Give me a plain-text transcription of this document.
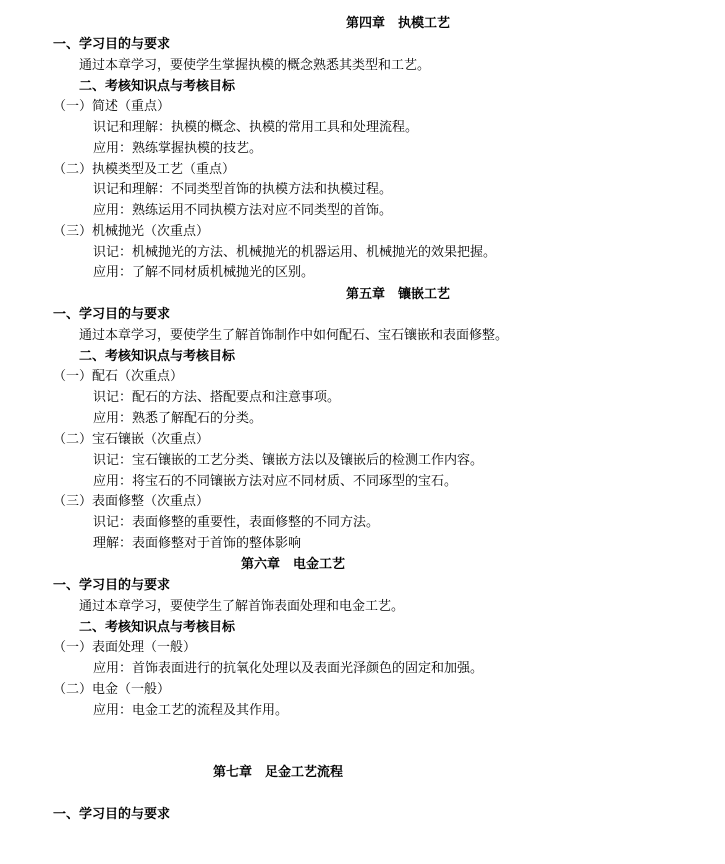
第四章　执模工艺
一、学习目的与要求
通过本章学习，要使学生掌握执模的概念熟悉其类型和工艺。
二、考核知识点与考核目标
（一）简述（重点）
识记和理解：执模的概念、执模的常用工具和处理流程。
应用：熟练掌握执模的技艺。
（二）执模类型及工艺（重点）
识记和理解：不同类型首饰的执模方法和执模过程。
应用：熟练运用不同执模方法对应不同类型的首饰。
（三）机械抛光（次重点）
识记：机械抛光的方法、机械抛光的机器运用、机械抛光的效果把握。
应用：了解不同材质机械抛光的区别。
第五章　镶嵌工艺
一、学习目的与要求
通过本章学习，要使学生了解首饰制作中如何配石、宝石镶嵌和表面修整。
二、考核知识点与考核目标
（一）配石（次重点）
识记：配石的方法、搭配要点和注意事项。
应用：熟悉了解配石的分类。
（二）宝石镶嵌（次重点）
识记：宝石镶嵌的工艺分类、镶嵌方法以及镶嵌后的检测工作内容。
应用：将宝石的不同镶嵌方法对应不同材质、不同琢型的宝石。
（三）表面修整（次重点）
识记：表面修整的重要性，表面修整的不同方法。
理解：表面修整对于首饰的整体影响
第六章　电金工艺
一、学习目的与要求
通过本章学习，要使学生了解首饰表面处理和电金工艺。
二、考核知识点与考核目标
（一）表面处理（一般）
应用：首饰表面进行的抗氧化处理以及表面光泽颜色的固定和加强。
（二）电金（一般）
应用：电金工艺的流程及其作用。
第七章　足金工艺流程
一、学习目的与要求
